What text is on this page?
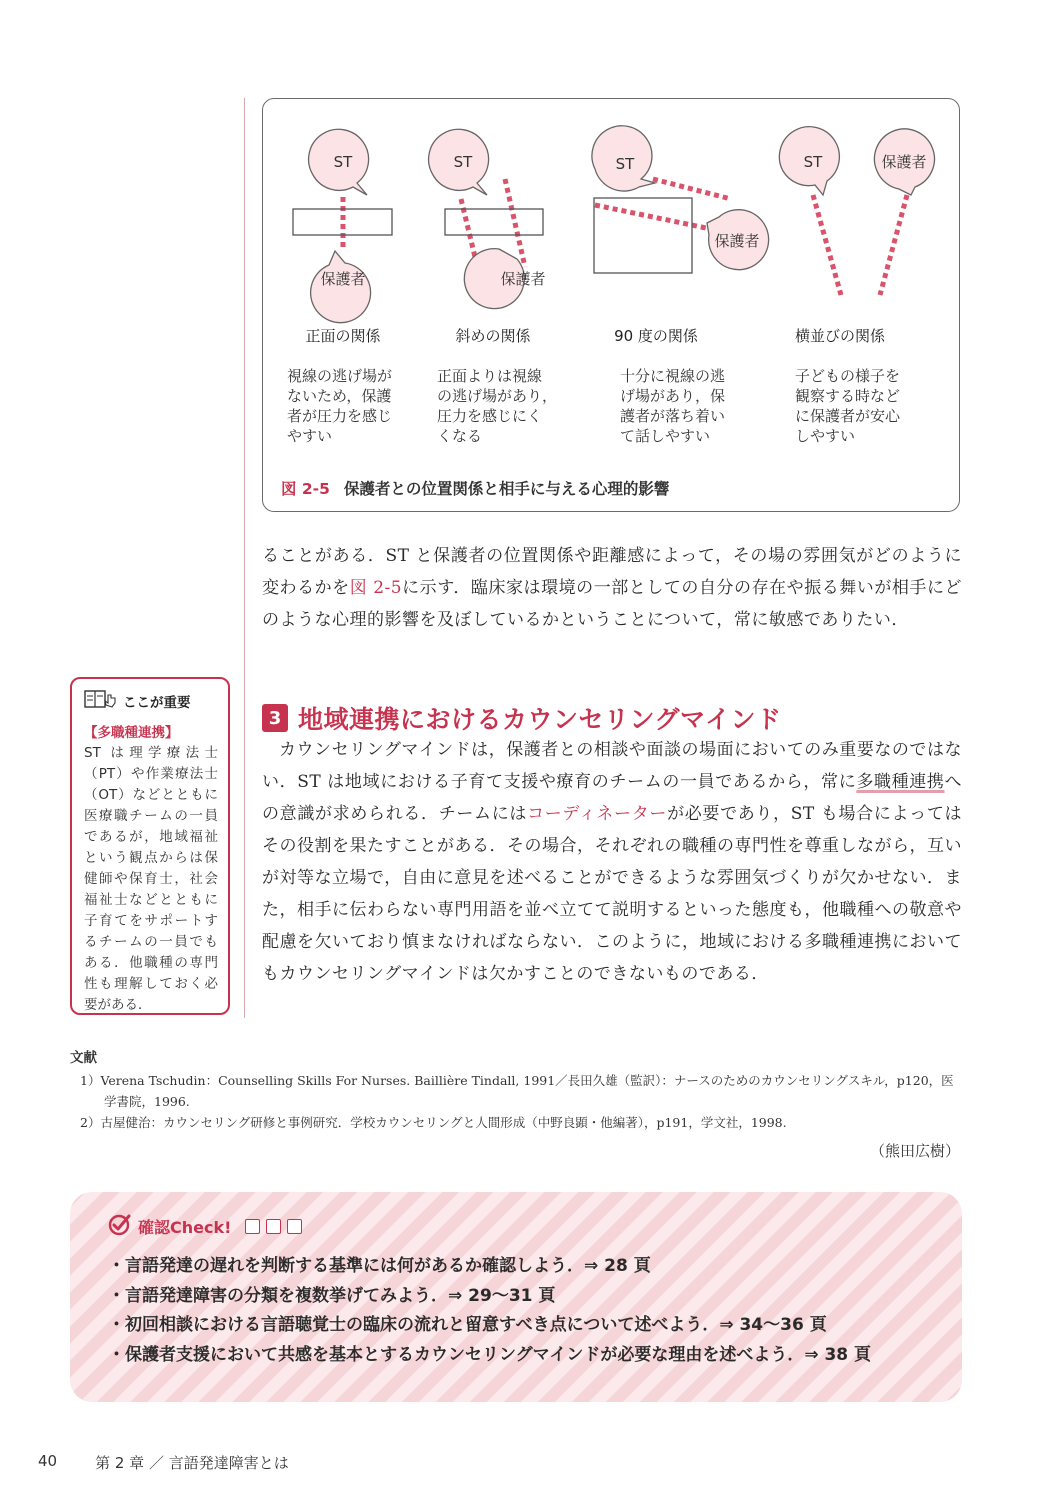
ST
保護者
ST
保護者
ST
保護者
ST	保護者
正面の関係	斜めの関係	90 度の関係	横並びの関係
視線の逃げ場が
ないため，保護
者が圧力を感じ
やすい
正面よりは視線
の逃げ場があり，
圧力を感じにく
くなる
十分に視線の逃
げ場があり，保
護者が落ち着い
て話しやすい
子どもの様子を
観察する時など
に保護者が安心
しやすい
図 2-5 保護者との位置関係と相手に与える心理的影響

ることがある．ST と保護者の位置関係や距離感によって，その場の雰囲気がどのように変わるかを図 2-5に示す．臨床家は環境の一部としての自分の存在や振る舞いが相手にどのような心理的影響を及ぼしているかということについて，常に敏感でありたい．

3 地域連携におけるカウンセリングマインド

カウンセリングマインドは，保護者との相談や面談の場面においてのみ重要なのではない．ST は地域における子育て支援や療育のチームの一員であるから，常に多職種連携への意識が求められる．チームにはコーディネーターが必要であり，ST も場合によってはその役割を果たすことがある．その場合，それぞれの職種の専門性を尊重しながら，互いが対等な立場で，自由に意見を述べることができるような雰囲気づくりが欠かせない．また，相手に伝わらない専門用語を並べ立てて説明するといった態度も，他職種への敬意や配慮を欠いており慎まなければならない．このように，地域における多職種連携においてもカウンセリングマインドは欠かすことのできないものである．

ここが重要
【多職種連携】
ST は理学療法士（PT）や作業療法士（OT）などとともに医療職チームの一員であるが，地域福祉という観点からは保健師や保育士，社会福祉士などとともに子育てをサポートするチームの一員でもある．他職種の専門性も理解しておく必要がある．
文献
1）Verena Tschudin：Counselling Skills For Nurses. Baillière Tindall, 1991／長田久雄（監訳）：ナースのためのカウンセリングスキル，p120，医学書院，1996.
2）古屋健治：カウンセリング研修と事例研究．学校カウンセリングと人間形成（中野良顕・他編著），p191，学文社，1998.
（熊田広樹）
確認Check!
・言語発達の遅れを判断する基準には何があるか確認しよう．⇒ 28 頁
・言語発達障害の分類を複数挙げてみよう．⇒ 29～31 頁
・初回相談における言語聴覚士の臨床の流れと留意すべき点について述べよう．⇒ 34～36 頁
・保護者支援において共感を基本とするカウンセリングマインドが必要な理由を述べよう．⇒ 38 頁
40	第 2 章 ／ 言語発達障害とは
